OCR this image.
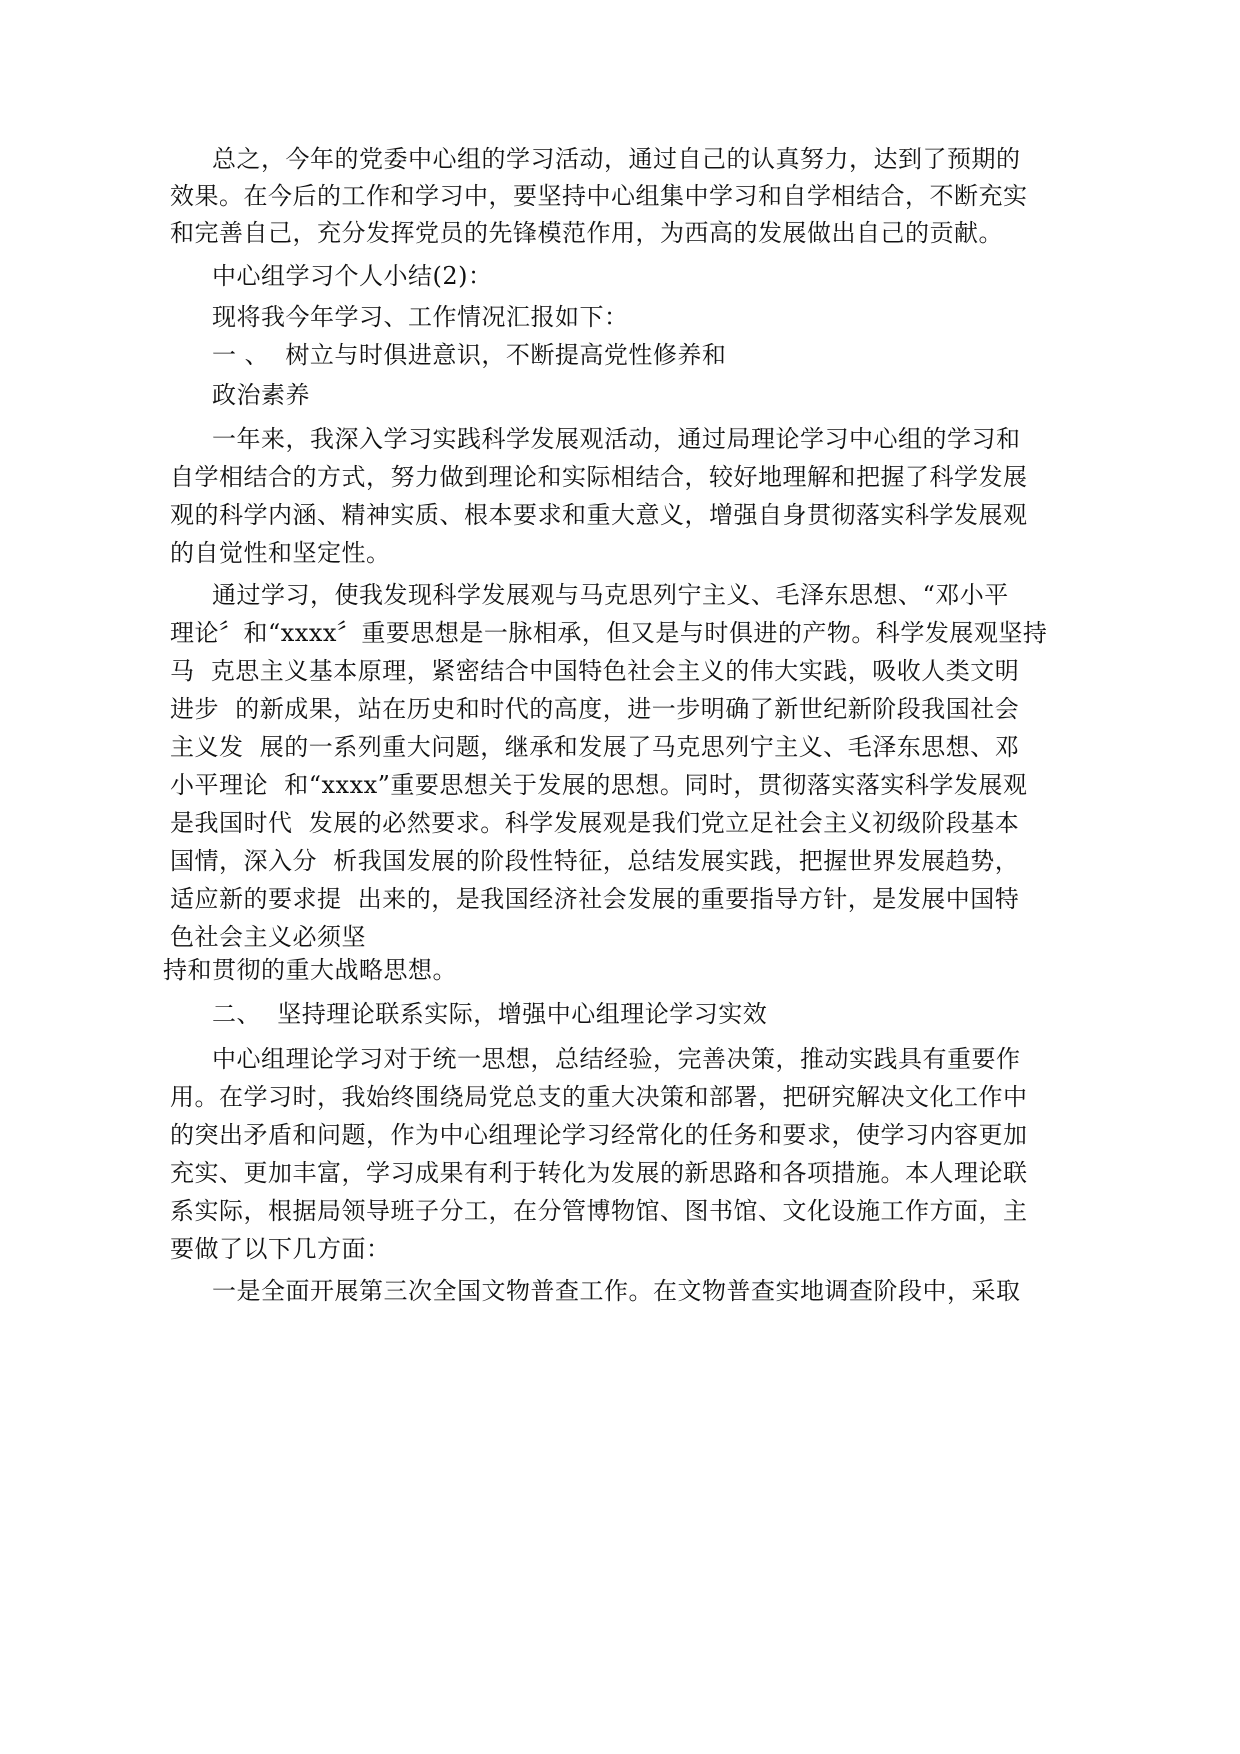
总之，今年的党委中心组的学习活动，通过自己的认真努力，达到了预期的
效果。在今后的工作和学习中，要坚持中心组集中学习和自学相结合，不断充实
和完善自己，充分发挥党员的先锋模范作用，为西高的发展做出自己的贡献。
中心组学习个人小结(2)：
现将我今年学习、工作情况汇报如下：
一 、  树立与时俱进意识，不断提高党性修养和
政治素养
一年来，我深入学习实践科学发展观活动，通过局理论学习中心组的学习和
自学相结合的方式，努力做到理论和实际相结合，较好地理解和把握了科学发展
观的科学内涵、精神实质、根本要求和重大意义，增强自身贯彻落实科学发展观
的自觉性和坚定性。
通过学习，使我发现科学发展观与马克思列宁主义、毛泽东思想、“邓小平
理论〞和“xxxx〞重要思想是一脉相承，但又是与时俱进的产物。科学发展观坚持
马  克思主义基本原理，紧密结合中国特色社会主义的伟大实践，吸收人类文明
进步  的新成果，站在历史和时代的高度，进一步明确了新世纪新阶段我国社会
主义发  展的一系列重大问题，继承和发展了马克思列宁主义、毛泽东思想、邓
小平理论  和“xxxx”重要思想关于发展的思想。同时，贯彻落实落实科学发展观
是我国时代  发展的必然要求。科学发展观是我们党立足社会主义初级阶段基本
国情，深入分  析我国发展的阶段性特征，总结发展实践，把握世界发展趋势，
适应新的要求提  出来的，是我国经济社会发展的重要指导方针，是发展中国特
色社会主义必须坚
持和贯彻的重大战略思想。
二、  坚持理论联系实际，增强中心组理论学习实效
中心组理论学习对于统一思想，总结经验，完善决策，推动实践具有重要作
用。在学习时，我始终围绕局党总支的重大决策和部署，把研究解决文化工作中
的突出矛盾和问题，作为中心组理论学习经常化的任务和要求，使学习内容更加
充实、更加丰富，学习成果有利于转化为发展的新思路和各项措施。本人理论联
系实际，根据局领导班子分工，在分管博物馆、图书馆、文化设施工作方面，主
要做了以下几方面：
一是全面开展第三次全国文物普查工作。在文物普查实地调查阶段中，采取
